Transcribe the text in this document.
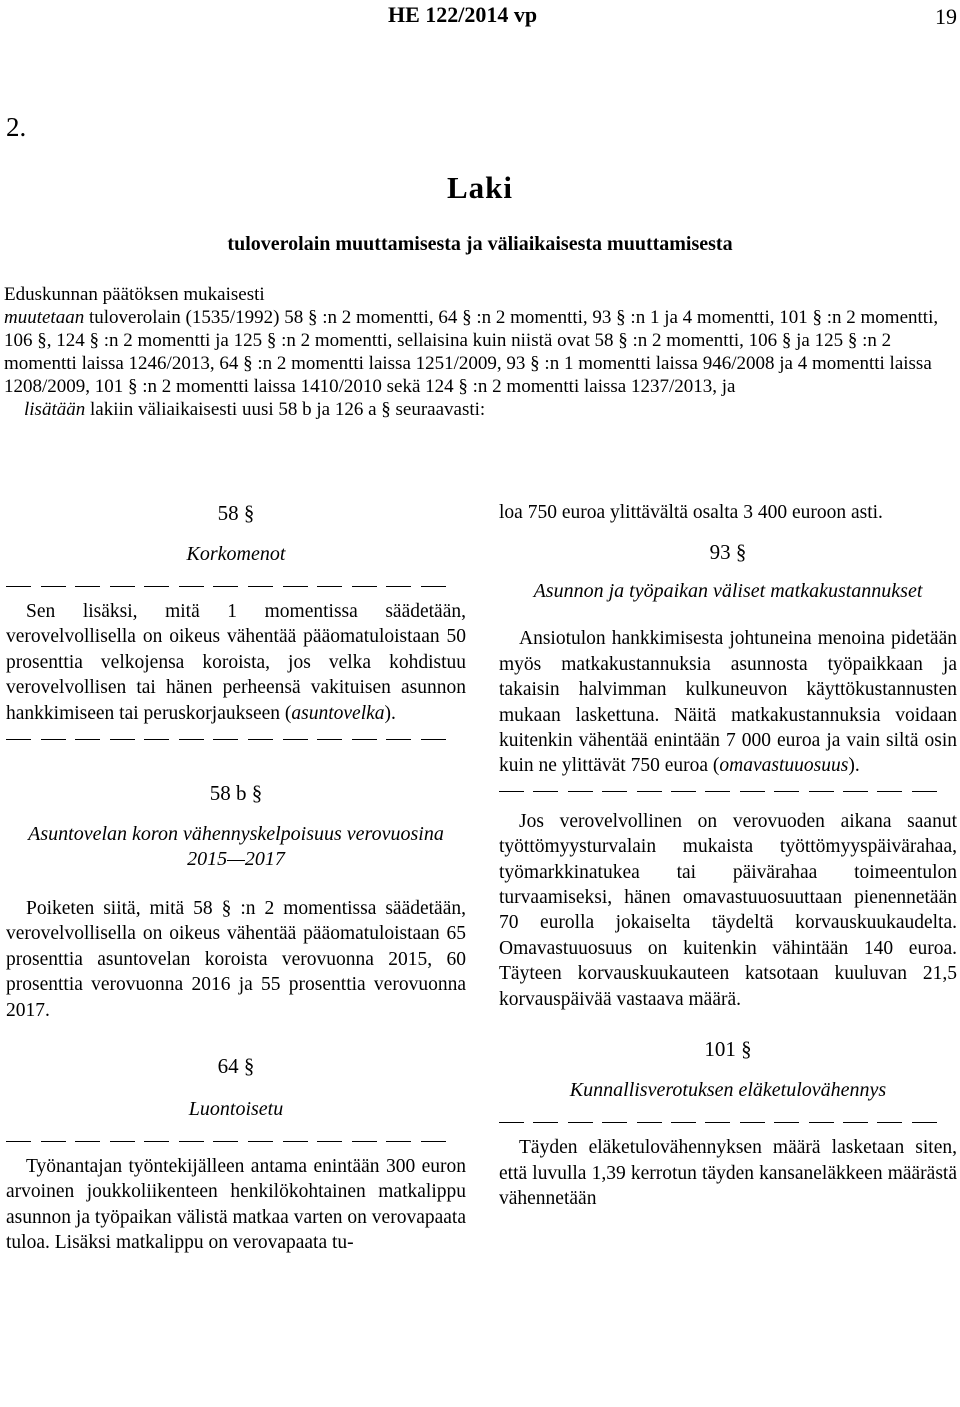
HE 122/2014 vp	19
2.
Laki
tuloverolain muuttamisesta ja väliaikaisesta muuttamisesta

Eduskunnan päätöksen mukaisesti

muutetaan tuloverolain (1535/1992) 58 § :n 2 momentti, 64 § :n 2 momentti, 93 § :n 1 ja 4 momentti, 101 § :n 2 momentti, 106 §, 124 § :n 2 momentti ja 125 § :n 2 momentti, sellaisina kuin niistä ovat 58 § :n 2 momentti, 106 § ja 125 § :n 2 momentti laissa 1246/2013, 64 § :n 2 momentti laissa 1251/2009, 93 § :n 1 momentti laissa 946/2008 ja 4 momentti laissa 1208/2009, 101 § :n 2 momentti laissa 1410/2010 sekä 124 § :n 2 momentti laissa 1237/2013, ja

lisätään lakiin väliaikaisesti uusi 58 b ja 126 a § seuraavasti:

58 §
Korkomenot

Sen lisäksi, mitä 1 momentissa säädetään, verovelvollisella on oikeus vähentää pääomatuloistaan 50 prosenttia velkojensa koroista, jos velka kohdistuu verovelvollisen tai hänen perheensä vakituisen asunnon hankkimiseen tai peruskorjaukseen (asuntovelka).

58 b §
Asuntovelan koron vähennyskelpoisuus verovuosina 2015—2017

Poiketen siitä, mitä 58 § :n 2 momentissa säädetään, verovelvollisella on oikeus vähentää pääomatuloistaan 65 prosenttia asuntovelan koroista verovuonna 2015, 60 prosenttia verovuonna 2016 ja 55 prosenttia verovuonna 2017.

64 §
Luontoisetu

Työnantajan työntekijälleen antama enintään 300 euron arvoinen joukkoliikenteen henkilökohtainen matkalippu asunnon ja työpaikan välistä matkaa varten on verovapaata tuloa. Lisäksi matkalippu on verovapaata tu-

loa 750 euroa ylittävältä osalta 3 400 euroon asti.

93 §
Asunnon ja työpaikan väliset matkakustannukset

Ansiotulon hankkimisesta johtuneina menoina pidetään myös matkakustannuksia asunnosta työpaikkaan ja takaisin halvimman kulkuneuvon käyttökustannusten mukaan laskettuna. Näitä matkakustannuksia voidaan kuitenkin vähentää enintään 7 000 euroa ja vain siltä osin kuin ne ylittävät 750 euroa (omavastuuosuus).

Jos verovelvollinen on verovuoden aikana saanut työttömyysturvalain mukaista työttömyyspäivärahaa, työmarkkinatukea tai päivärahaa toimeentulon turvaamiseksi, hänen omavastuuosuuttaan pienennetään 70 eurolla jokaiselta täydeltä korvauskuukaudelta. Omavastuuosuus on kuitenkin vähintään 140 euroa. Täyteen korvauskuukauteen katsotaan kuuluvan 21,5 korvauspäivää vastaava määrä.

101 §
Kunnallisverotuksen eläketulovähennys

Täyden eläketulovähennyksen määrä lasketaan siten, että luvulla 1,39 kerrotun täyden kansaneläkkeen määrästä vähennetään
